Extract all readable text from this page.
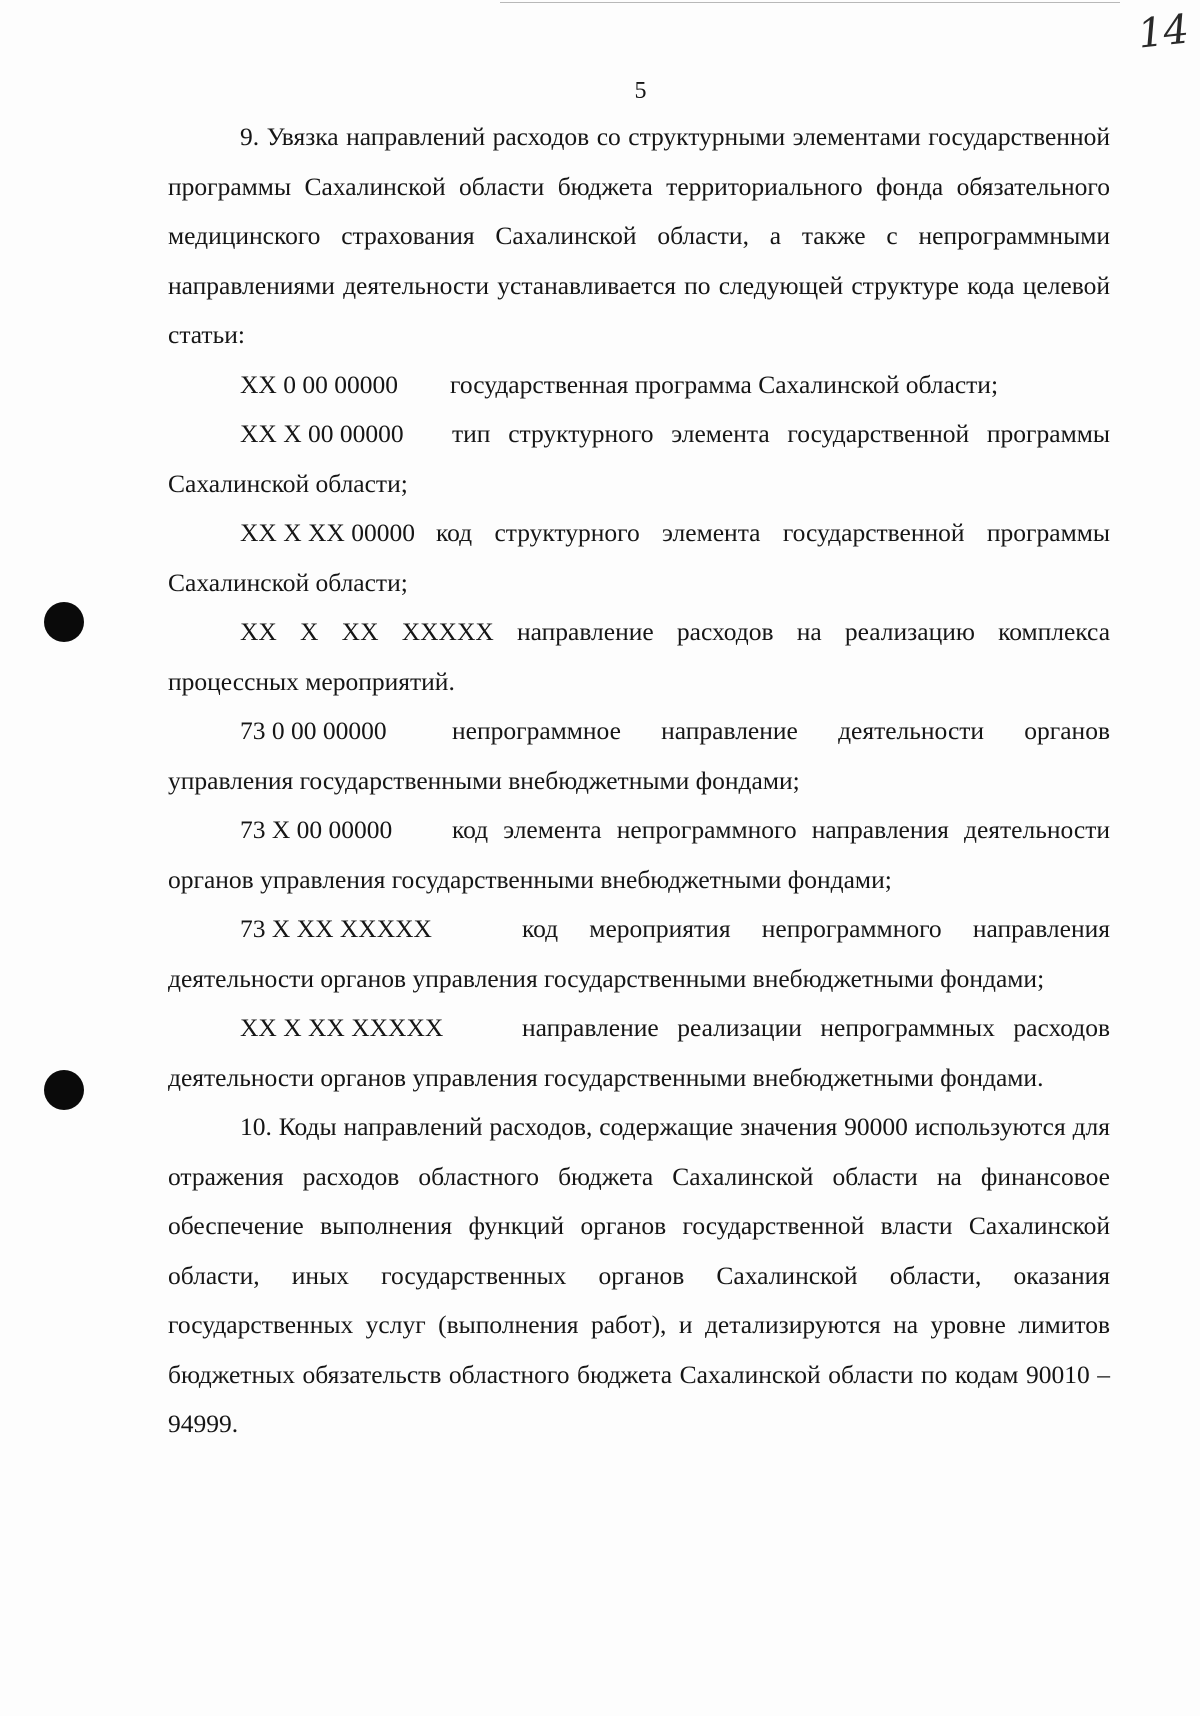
14
5

9. Увязка направлений расходов со структурными элементами государственной программы Сахалинской области бюджета территориального фонда обязательного медицинского страхования Сахалинской области, а также с непрограммными направлениями деятельности устанавливается по следующей структуре кода целевой статьи:

XX 0 00 00000 государственная программа Сахалинской области;

XX X 00 00000 тип структурного элемента государственной программы Сахалинской области;

XX X XX 00000 код структурного элемента государственной программы Сахалинской области;

XX X XX XXXXX направление расходов на реализацию комплекса процессных мероприятий.

73 0 00 00000	непрограммное направление деятельности органов управления государственными внебюджетными фондами;

73 X 00 00000 код элемента непрограммного направления деятельности органов управления государственными внебюджетными фондами;

73 X XX XXXXX	код мероприятия непрограммного направления деятельности органов управления государственными внебюджетными фондами;

XX X XX XXXXX	направление реализации непрограммных расходов деятельности органов управления государственными внебюджетными фондами.

10. Коды направлений расходов, содержащие значения 90000 используются для отражения расходов областного бюджета Сахалинской области на финансовое обеспечение выполнения функций органов государственной власти Сахалинской области, иных государственных органов Сахалинской области, оказания государственных услуг (выполнения работ), и детализируются на уровне лимитов бюджетных обязательств областного бюджета Сахалинской области по кодам 90010 – 94999.
